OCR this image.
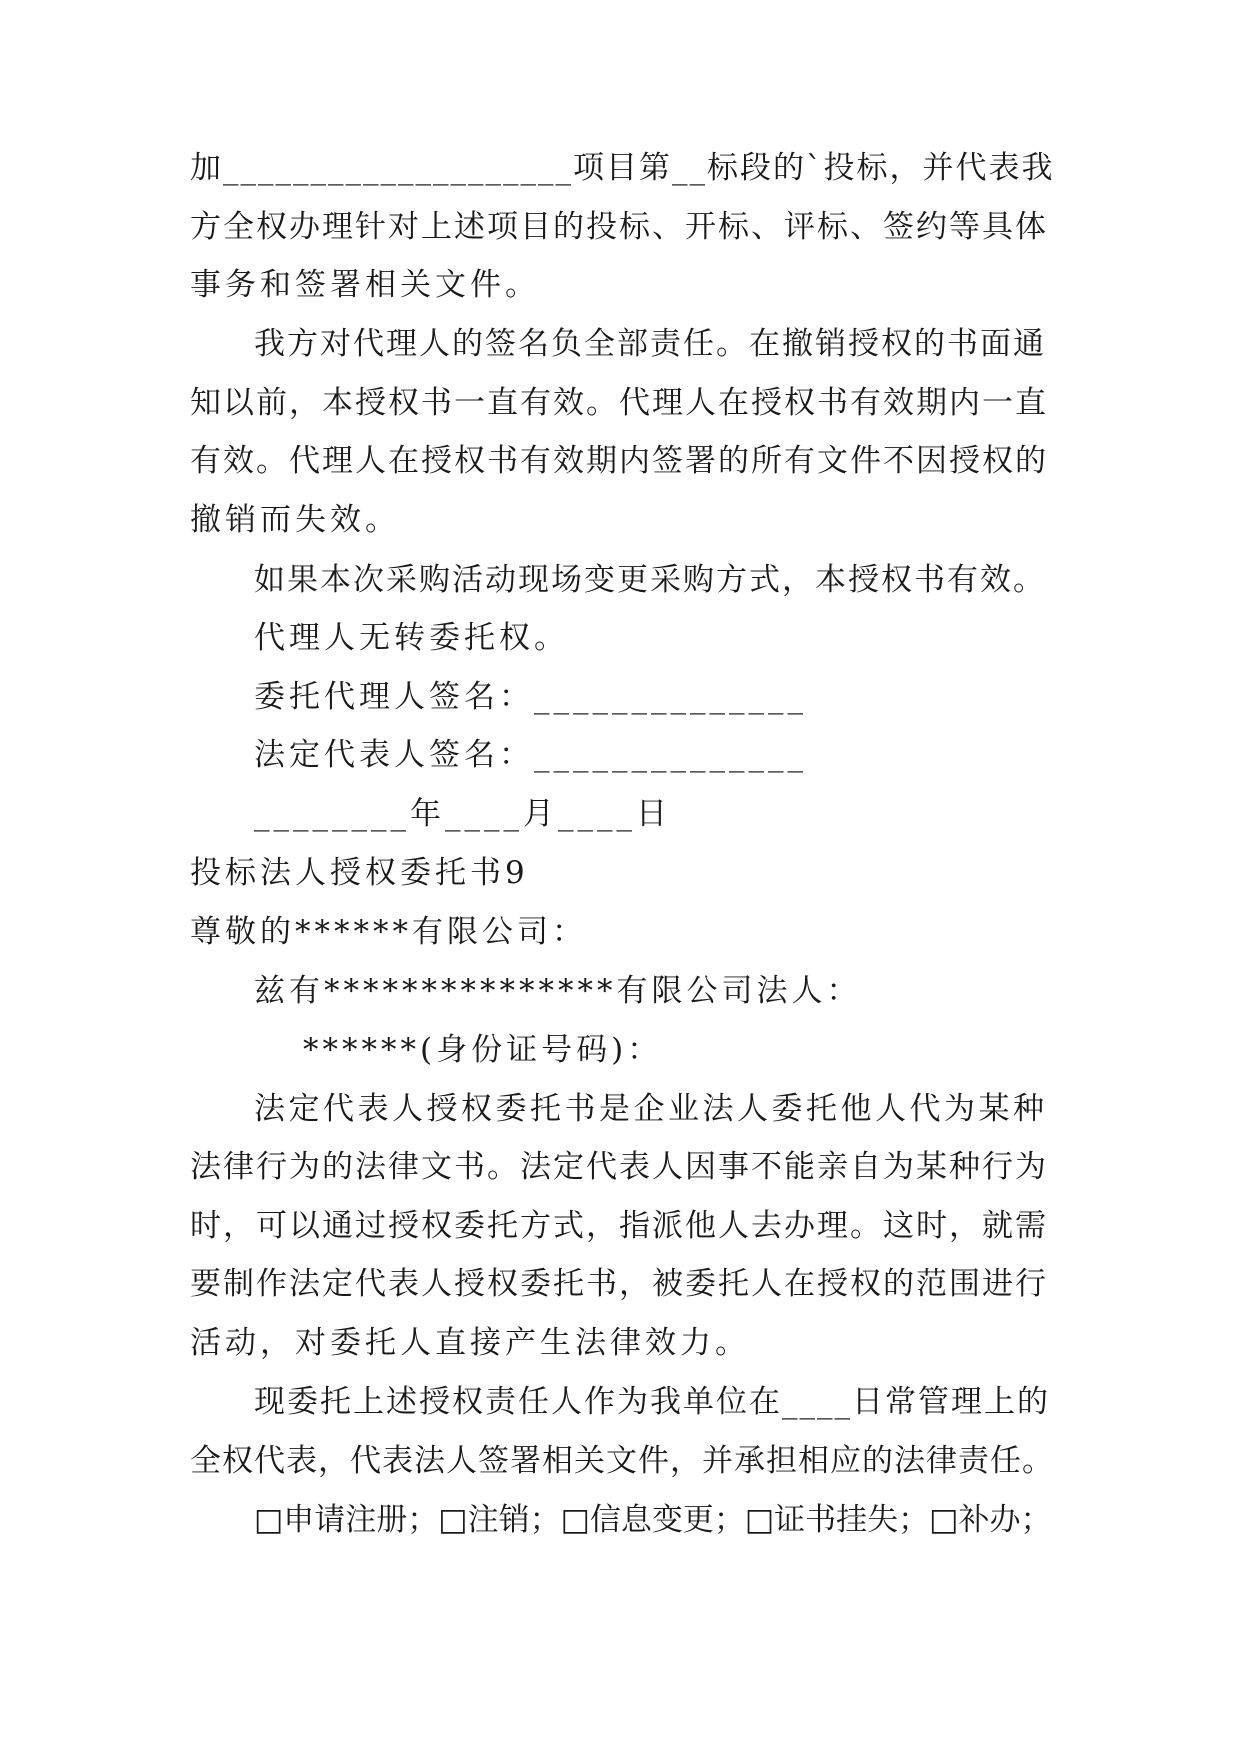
加____________________项目第__标段的`投标，并代表我
方全权办理针对上述项目的投标、开标、评标、签约等具体
事务和签署相关文件。
我方对代理人的签名负全部责任。在撤销授权的书面通
知以前，本授权书一直有效。代理人在授权书有效期内一直
有效。代理人在授权书有效期内签署的所有文件不因授权的
撤销而失效。
如果本次采购活动现场变更采购方式，本授权书有效。
代理人无转委托权。
委托代理人签名：______________
法定代表人签名：______________
________年____月____日
投标法人授权委托书9
尊敬的******有限公司：
兹有***************有限公司法人：
******(身份证号码)：
法定代表人授权委托书是企业法人委托他人代为某种
法律行为的法律文书。法定代表人因事不能亲自为某种行为
时，可以通过授权委托方式，指派他人去办理。这时，就需
要制作法定代表人授权委托书，被委托人在授权的范围进行
活动，对委托人直接产生法律效力。
现委托上述授权责任人作为我单位在____日常管理上的
全权代表，代表法人签署相关文件，并承担相应的法律责任。
□申请注册；□注销；□信息变更；□证书挂失；□补办；
